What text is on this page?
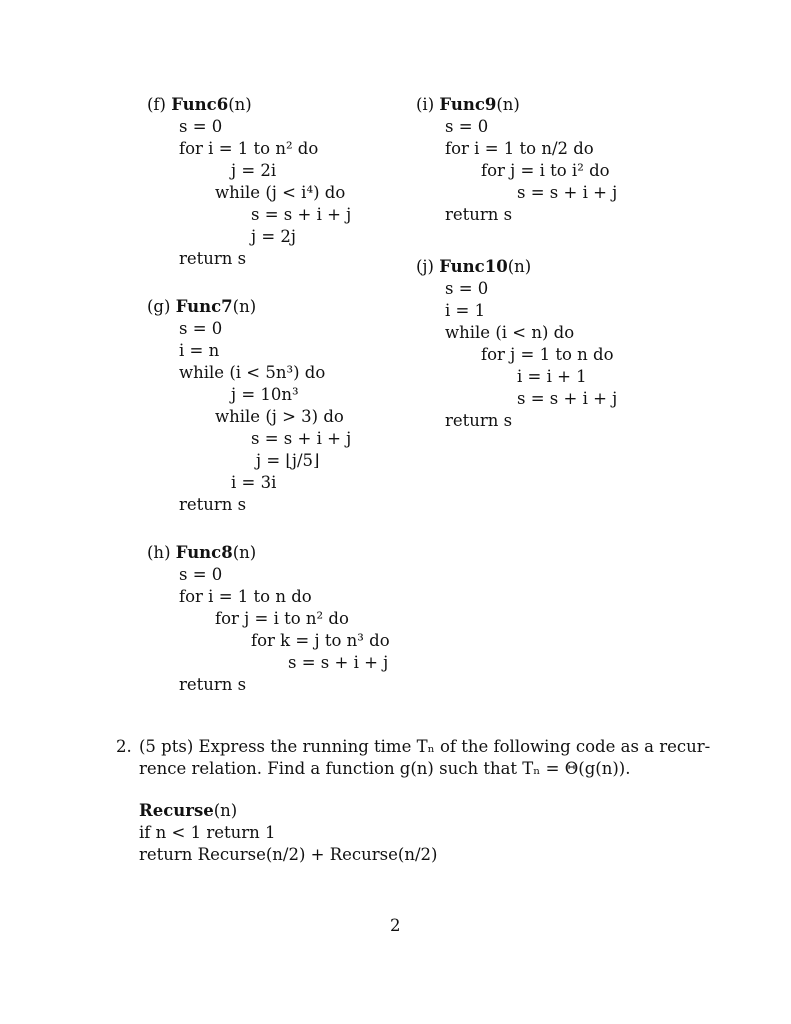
(f) Func6(n)
s = 0
for i = 1 to n² do
j = 2i
while (j < i⁴) do
s = s + i + j
j = 2j
return s
(g) Func7(n)
s = 0
i = n
while (i < 5n³) do
j = 10n³
while (j > 3) do
s = s + i + j
j = ⌊j/5⌋
i = 3i
return s
(h) Func8(n)
s = 0
for i = 1 to n do
for j = i to n² do
for k = j to n³ do
s = s + i + j
return s
(i) Func9(n)
s = 0
for i = 1 to n/2 do
for j = i to i² do
s = s + i + j
return s
(j) Func10(n)
s = 0
i = 1
while (i < n) do
for j = 1 to n do
i = i + 1
s = s + i + j
return s
2. (5 pts) Express the running time Tₙ of the following code as a recur-
rence relation. Find a function g(n) such that Tₙ = Θ(g(n)).
Recurse(n)
if n < 1 return 1
return Recurse(n/2) + Recurse(n/2)
2
